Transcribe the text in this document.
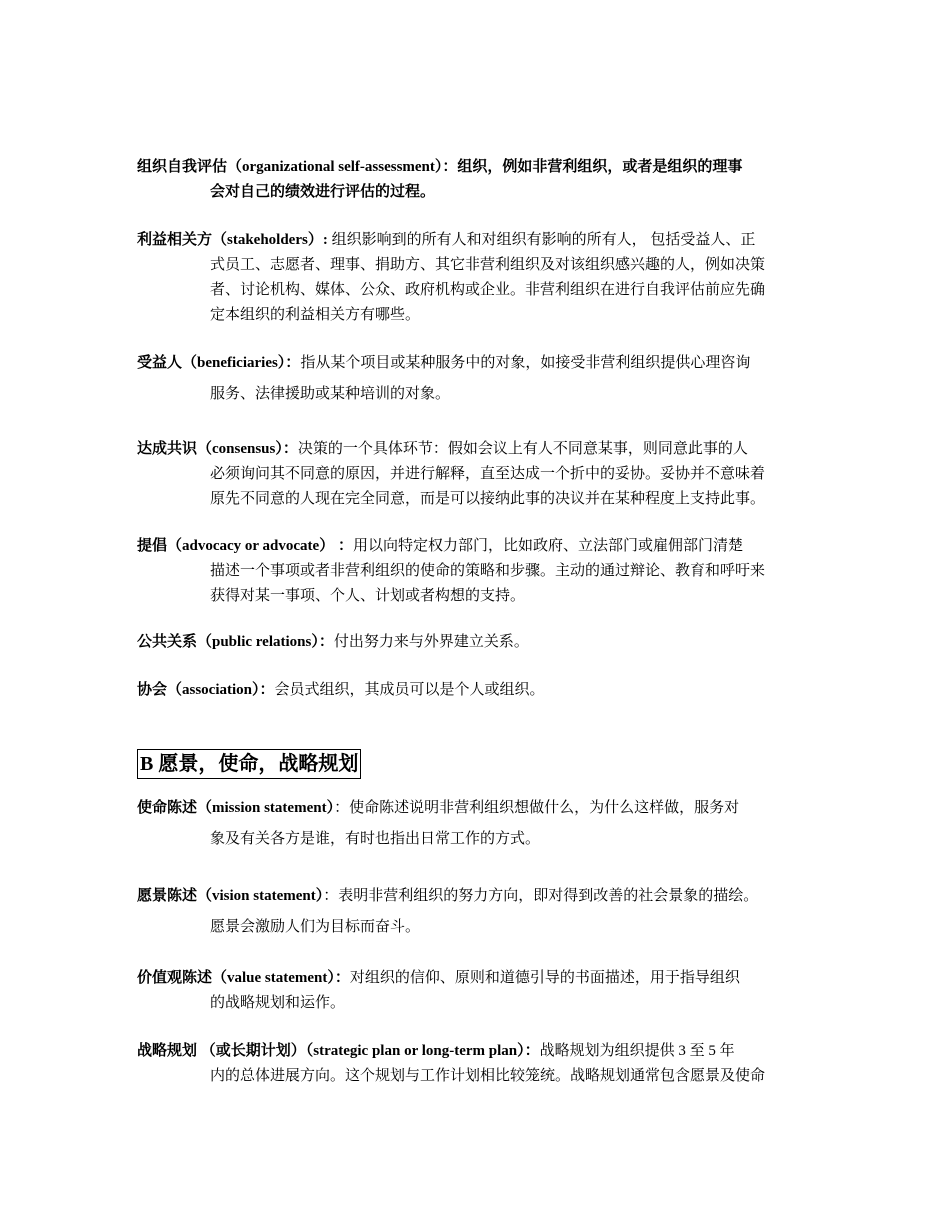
组织自我评估（organizational self-assessment）：组织，例如非营利组织，或者是组织的理事
会对自己的绩效进行评估的过程。
利益相关方（stakeholders）: 组织影响到的所有人和对组织有影响的所有人， 包括受益人、正
式员工、志愿者、理事、捐助方、其它非营利组织及对该组织感兴趣的人，例如决策
者、讨论机构、媒体、公众、政府机构或企业。非营利组织在进行自我评估前应先确
定本组织的利益相关方有哪些。
受益人（beneficiaries）：指从某个项目或某种服务中的对象，如接受非营利组织提供心理咨询
服务、法律援助或某种培训的对象。
达成共识（consensus）：决策的一个具体环节：假如会议上有人不同意某事，则同意此事的人
必须询问其不同意的原因，并进行解释，直至达成一个折中的妥协。妥协并不意味着
原先不同意的人现在完全同意，而是可以接纳此事的决议并在某种程度上支持此事。
提倡（advocacy or advocate） ：用以向特定权力部门，比如政府、立法部门或雇佣部门清楚
描述一个事项或者非营利组织的使命的策略和步骤。主动的通过辩论、教育和呼吁来
获得对某一事项、个人、计划或者构想的支持。
公共关系（public relations）：付出努力来与外界建立关系。
协会（association）：会员式组织，其成员可以是个人或组织。
B 愿景，使命，战略规划
使命陈述（mission statement）：使命陈述说明非营利组织想做什么，为什么这样做，服务对
象及有关各方是谁，有时也指出日常工作的方式。
愿景陈述（vision statement）：表明非营利组织的努力方向，即对得到改善的社会景象的描绘。
愿景会激励人们为目标而奋斗。
价值观陈述（value statement）：对组织的信仰、原则和道德引导的书面描述，用于指导组织
的战略规划和运作。
战略规划 （或长期计划）（strategic plan or long-term plan）：战略规划为组织提供 3 至 5 年
内的总体进展方向。这个规划与工作计划相比较笼统。战略规划通常包含愿景及使命
